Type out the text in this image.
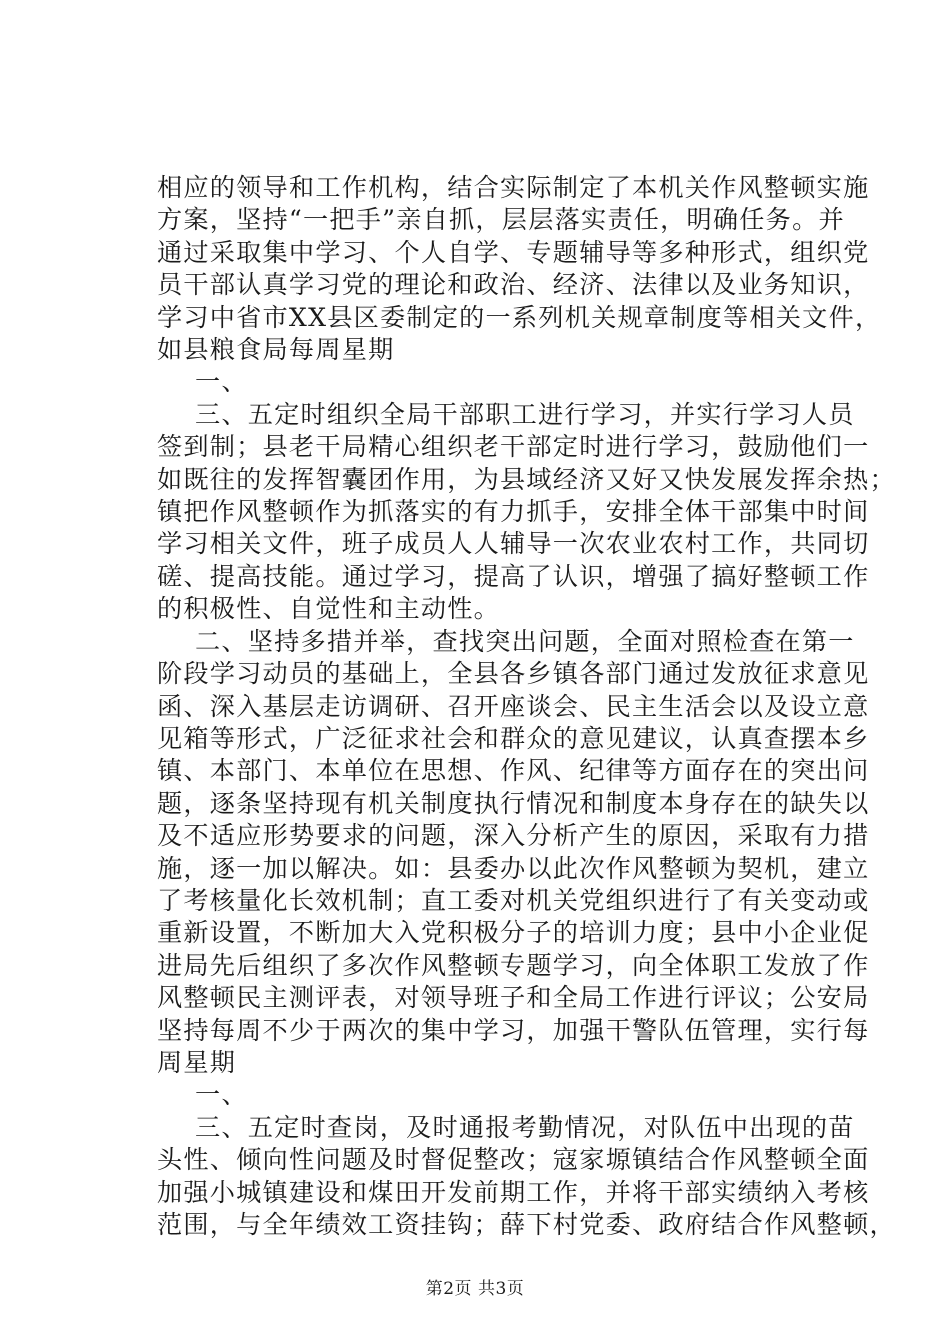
相应的领导和工作机构，结合实际制定了本机关作风整顿实施
方案，坚持“一把手”亲自抓，层层落实责任，明确任务。并
通过采取集中学习、个人自学、专题辅导等多种形式，组织党
员干部认真学习党的理论和政治、经济、法律以及业务知识，
学习中省市XX县区委制定的一系列机关规章制度等相关文件，
如县粮食局每周星期
一、
三、五定时组织全局干部职工进行学习，并实行学习人员
签到制；县老干局精心组织老干部定时进行学习，鼓励他们一
如既往的发挥智囊团作用，为县域经济又好又快发展发挥余热；
镇把作风整顿作为抓落实的有力抓手，安排全体干部集中时间
学习相关文件，班子成员人人辅导一次农业农村工作，共同切
磋、提高技能。通过学习，提高了认识，增强了搞好整顿工作
的积极性、自觉性和主动性。
二、坚持多措并举，查找突出问题，全面对照检查在第一
阶段学习动员的基础上，全县各乡镇各部门通过发放征求意见
函、深入基层走访调研、召开座谈会、民主生活会以及设立意
见箱等形式，广泛征求社会和群众的意见建议，认真查摆本乡
镇、本部门、本单位在思想、作风、纪律等方面存在的突出问
题，逐条坚持现有机关制度执行情况和制度本身存在的缺失以
及不适应形势要求的问题，深入分析产生的原因，采取有力措
施，逐一加以解决。如：县委办以此次作风整顿为契机，建立
了考核量化长效机制；直工委对机关党组织进行了有关变动或
重新设置，不断加大入党积极分子的培训力度；县中小企业促
进局先后组织了多次作风整顿专题学习，向全体职工发放了作
风整顿民主测评表，对领导班子和全局工作进行评议；公安局
坚持每周不少于两次的集中学习，加强干警队伍管理，实行每
周星期
一、
三、五定时查岗，及时通报考勤情况，对队伍中出现的苗
头性、倾向性问题及时督促整改；寇家塬镇结合作风整顿全面
加强小城镇建设和煤田开发前期工作，并将干部实绩纳入考核
范围，与全年绩效工资挂钩；薛下村党委、政府结合作风整顿，
第2页 共3页
